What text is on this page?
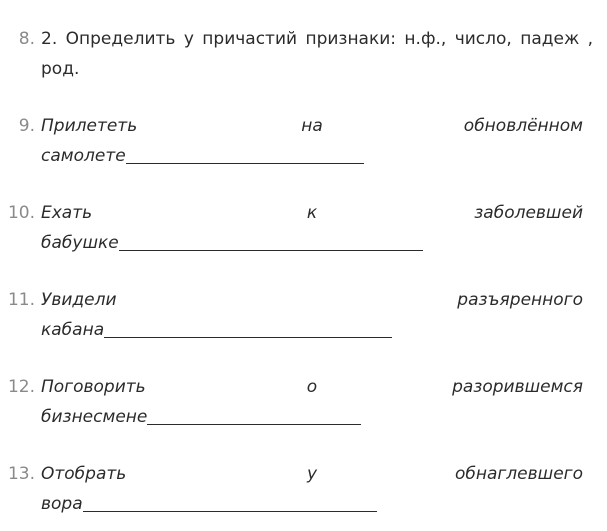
8. 2. Определить у причастий признаки: н.ф., число, падеж ,
род.
9. Прилететь	на	обновлённом
самолете
10. Ехать	к	заболевшей
бабушке
11. Увидели	разъяренного
кабана
12. Поговорить	о	разорившемся
бизнесмене
13. Отобрать	у	обнаглевшего
вора
